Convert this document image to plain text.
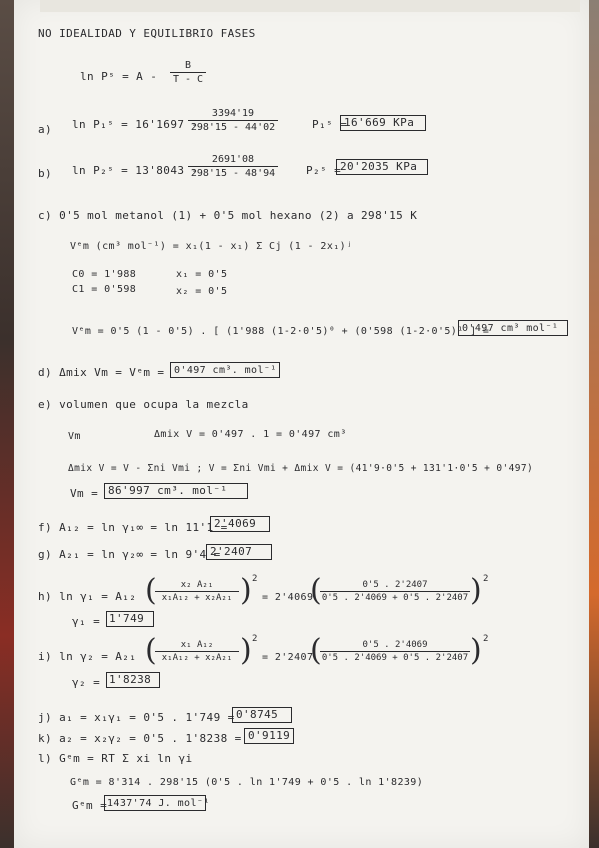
NO IDEALIDAD Y EQUILIBRIO FASES
ln Pˢ = A - $\frac{B}{T - C}$
a) ln P₁ˢ = 16'1697 -
$\frac{3394'19}{298'15 - 44'02}$	P₁ˢ =
16'669 KPa
b) ln P₂ˢ = 13'8043 -
$\frac{2691'08}{298'15 - 48'94}$	P₂ˢ =
20'2035 KPa
c) 0'5 mol metanol (1) + 0'5 mol hexano (2) a 298'15 K
Vᵉm (cm³ mol⁻¹) = x₁(1 - x₁) Σ Cj (1 - 2x₁)ʲ
C0 = 1'988
C1 = 0'598
x₁ = 0'5
x₂ = 0'5
Vᵉm = 0'5 (1 - 0'5) . [ (1'988 (1-2·0'5)⁰ + (0'598 (1-2·0'5)¹ ] =
0'497 cm³ mol⁻¹
d) Δmix Vm = Vᵉm = 0'497 cm³. mol⁻¹
e) volumen que ocupa la mezcla
Vm	Δmix V = 0'497 . 1 = 0'497 cm³
Δmix V = V - Σni Vmi ; V = Σni Vmi + Δmix V = (41'9·0'5 + 131'1·0'5 + 0'497)
Vm = 86'997 cm³. mol⁻¹
f) A₁₂ = ln γ₁∞ = ln 11'1 =
2'4069
g) A₂₁ = ln γ₂∞ = ln 9'4 =
2'2407
h) ln γ₁ = A₁₂ (
$\frac{\text{x₂ A₂₁}}{\text{x₁A₁₂ + x₂A₂₁}}$ ) 2
= 2'4069
(
$\frac{0'5 . 2'2407}{0'5 . 2'4069 + 0'5 . 2'2407}$ ) 2
γ₁ = 1'749
i) ln γ₂ = A₂₁ (
$\frac{\text{x₁ A₁₂}}{\text{x₁A₁₂ + x₂A₂₁}}$ ) 2
= 2'2407
(
$\frac{0'5 . 2'4069}{0'5 . 2'4069 + 0'5 . 2'2407}$ ) 2
γ₂ = 1'8238
j) a₁ = x₁γ₁ = 0'5 . 1'749 = 0'8745
k) a₂ = x₂γ₂ = 0'5 . 1'8238 = 0'9119
l) Gᵉm = RT Σ xi ln γi
Gᵉm = 8'314 . 298'15 (0'5 . ln 1'749 + 0'5 . ln 1'8239)
Gᵉm = 1437'74 J. mol⁻¹
